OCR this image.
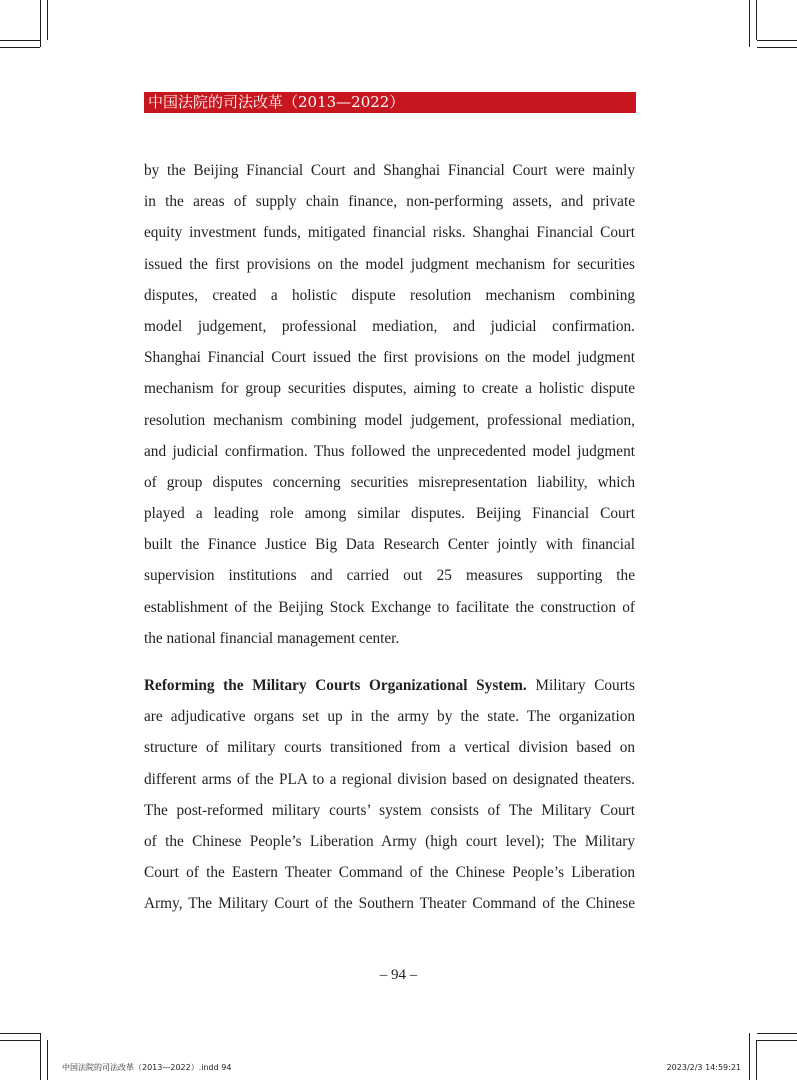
中国法院的司法改革（2013—2022）
by the Beijing Financial Court and Shanghai Financial Court were mainly
in the areas of supply chain finance, non-performing assets, and private
equity investment funds, mitigated financial risks. Shanghai Financial Court
issued the first provisions on the model judgment mechanism for securities
disputes, created a holistic dispute resolution mechanism combining
model judgement, professional mediation, and judicial confirmation.
Shanghai Financial Court issued the first provisions on the model judgment
mechanism for group securities disputes, aiming to create a holistic dispute
resolution mechanism combining model judgement, professional mediation,
and judicial confirmation. Thus followed the unprecedented model judgment
of group disputes concerning securities misrepresentation liability, which
played a leading role among similar disputes. Beijing Financial Court
built the Finance Justice Big Data Research Center jointly with financial
supervision institutions and carried out 25 measures supporting the
establishment of the Beijing Stock Exchange to facilitate the construction of
the national financial management center.
Reforming the Military Courts Organizational System. Military Courts
are adjudicative organs set up in the army by the state. The organization
structure of military courts transitioned from a vertical division based on
different arms of the PLA to a regional division based on designated theaters.
The post-reformed military courts’ system consists of The Military Court
of the Chinese People’s Liberation Army (high court level); The Military
Court of the Eastern Theater Command of the Chinese People’s Liberation
Army, The Military Court of the Southern Theater Command of the Chinese
– 94 –
中国法院的司法改革（2013—2022）.indd 94	2023/2/3 14:59:21
